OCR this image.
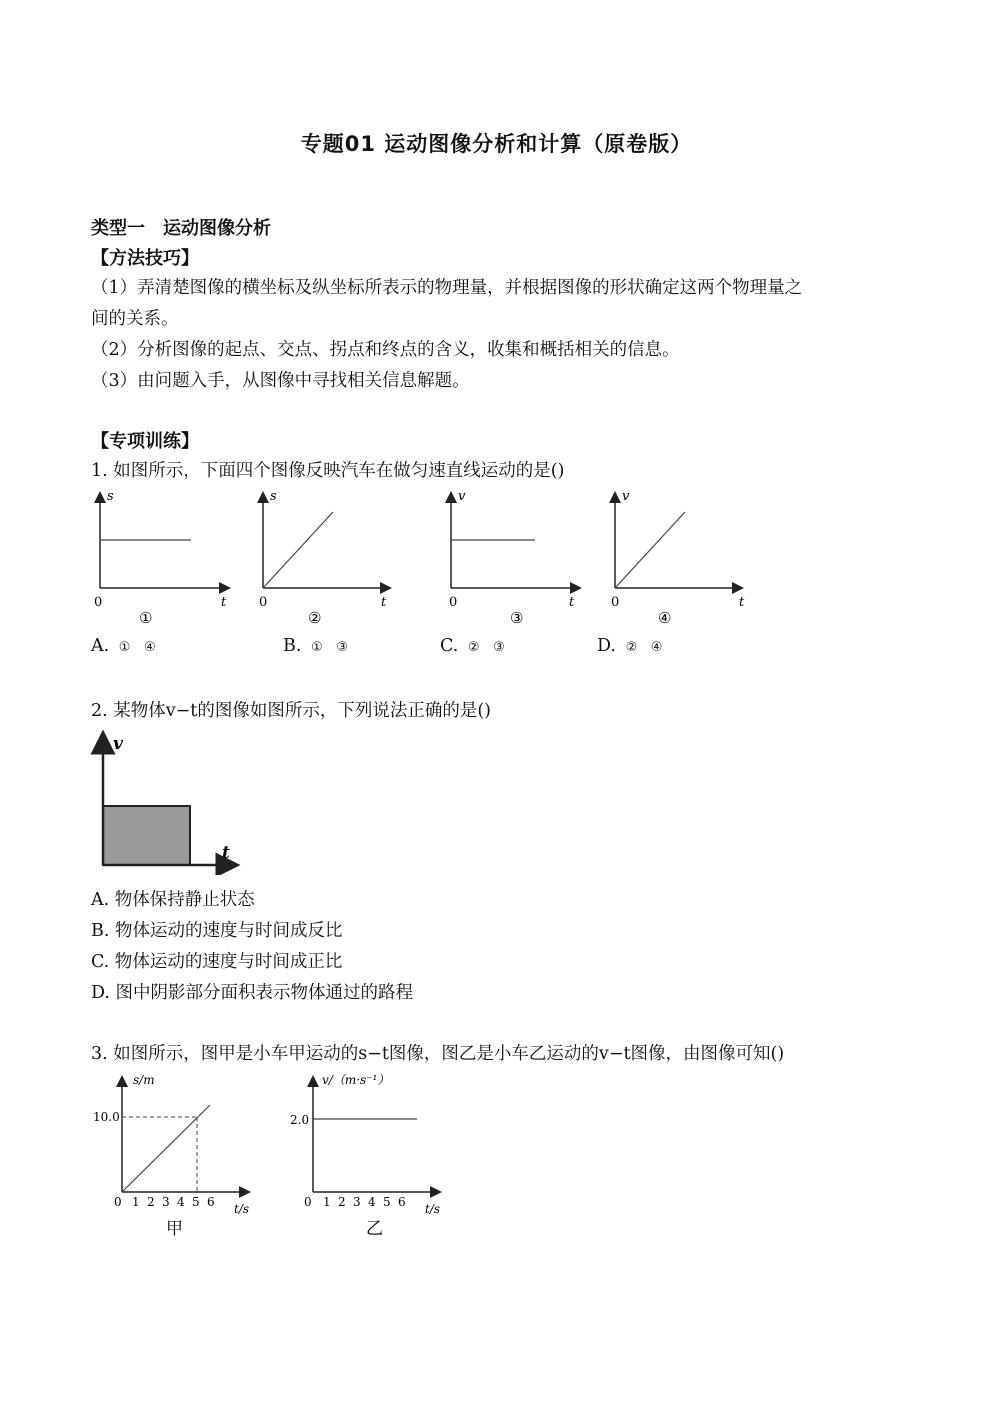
专题01 运动图像分析和计算（原卷版）
类型一　运动图像分析
【方法技巧】
（1）弄清楚图像的横坐标及纵坐标所表示的物理量，并根据图像的形状确定这两个物理量之
间的关系。
（2）分析图像的起点、交点、拐点和终点的含义，收集和概括相关的信息。
（3）由问题入手，从图像中寻找相关信息解题。
【专项训练】
1. 如图所示，下面四个图像反映汽车在做匀速直线运动的是()
s
t
0
①
s
t
0
②
v
t
0
③
v
t
0
④
A. ① ④	B. ① ③	C. ② ③	D. ② ④
2. 某物体v−t的图像如图所示，下列说法正确的是()
v
t
A. 物体保持静止状态
B. 物体运动的速度与时间成反比
C. 物体运动的速度与时间成正比
D. 图中阴影部分面积表示物体通过的路程
3. 如图所示，图甲是小车甲运动的s−t图像，图乙是小车乙运动的v−t图像，由图像可知()
s/m
10.0
t/s
0 1 2 3 4 5 6
甲
v/（m·s⁻¹）
2.0
t/s
0 1 2 3 4 5 6
乙
